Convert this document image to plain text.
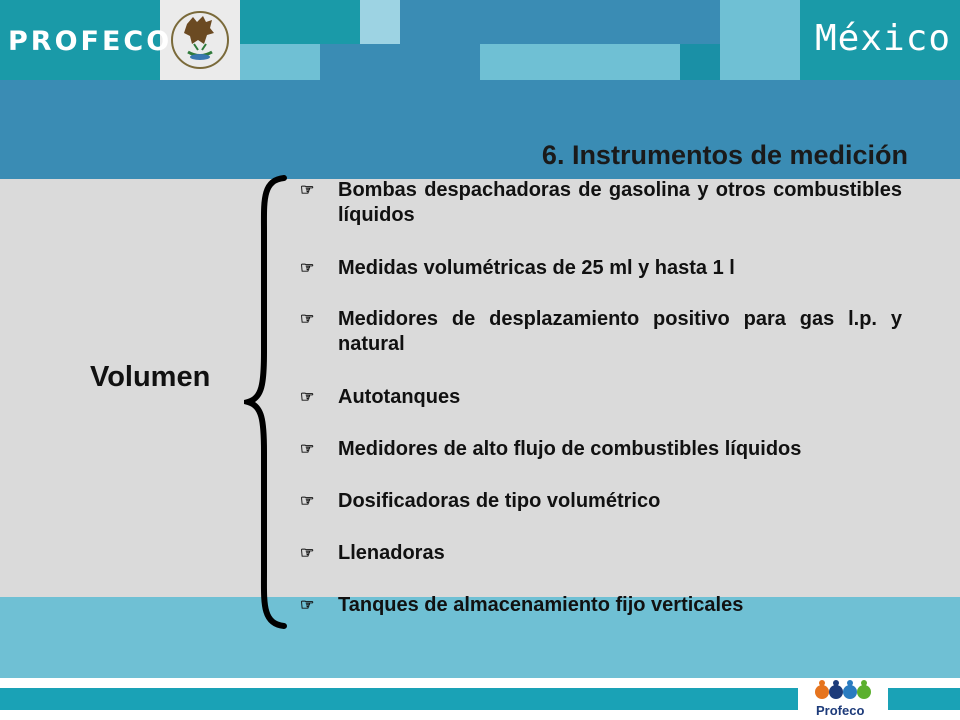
PROFECO	México
6. Instrumentos de medición
Volumen
☞	Bombas despachadoras de gasolina y otros combustibles líquidos
☞	Medidas volumétricas de 25 ml y hasta 1 l
☞	Medidores de desplazamiento positivo para gas l.p. y natural
☞	Autotanques
☞	Medidores de alto flujo de combustibles líquidos
☞	Dosificadoras de tipo volumétrico
☞	Llenadoras
☞	Tanques de almacenamiento fijo verticales
Profeco
